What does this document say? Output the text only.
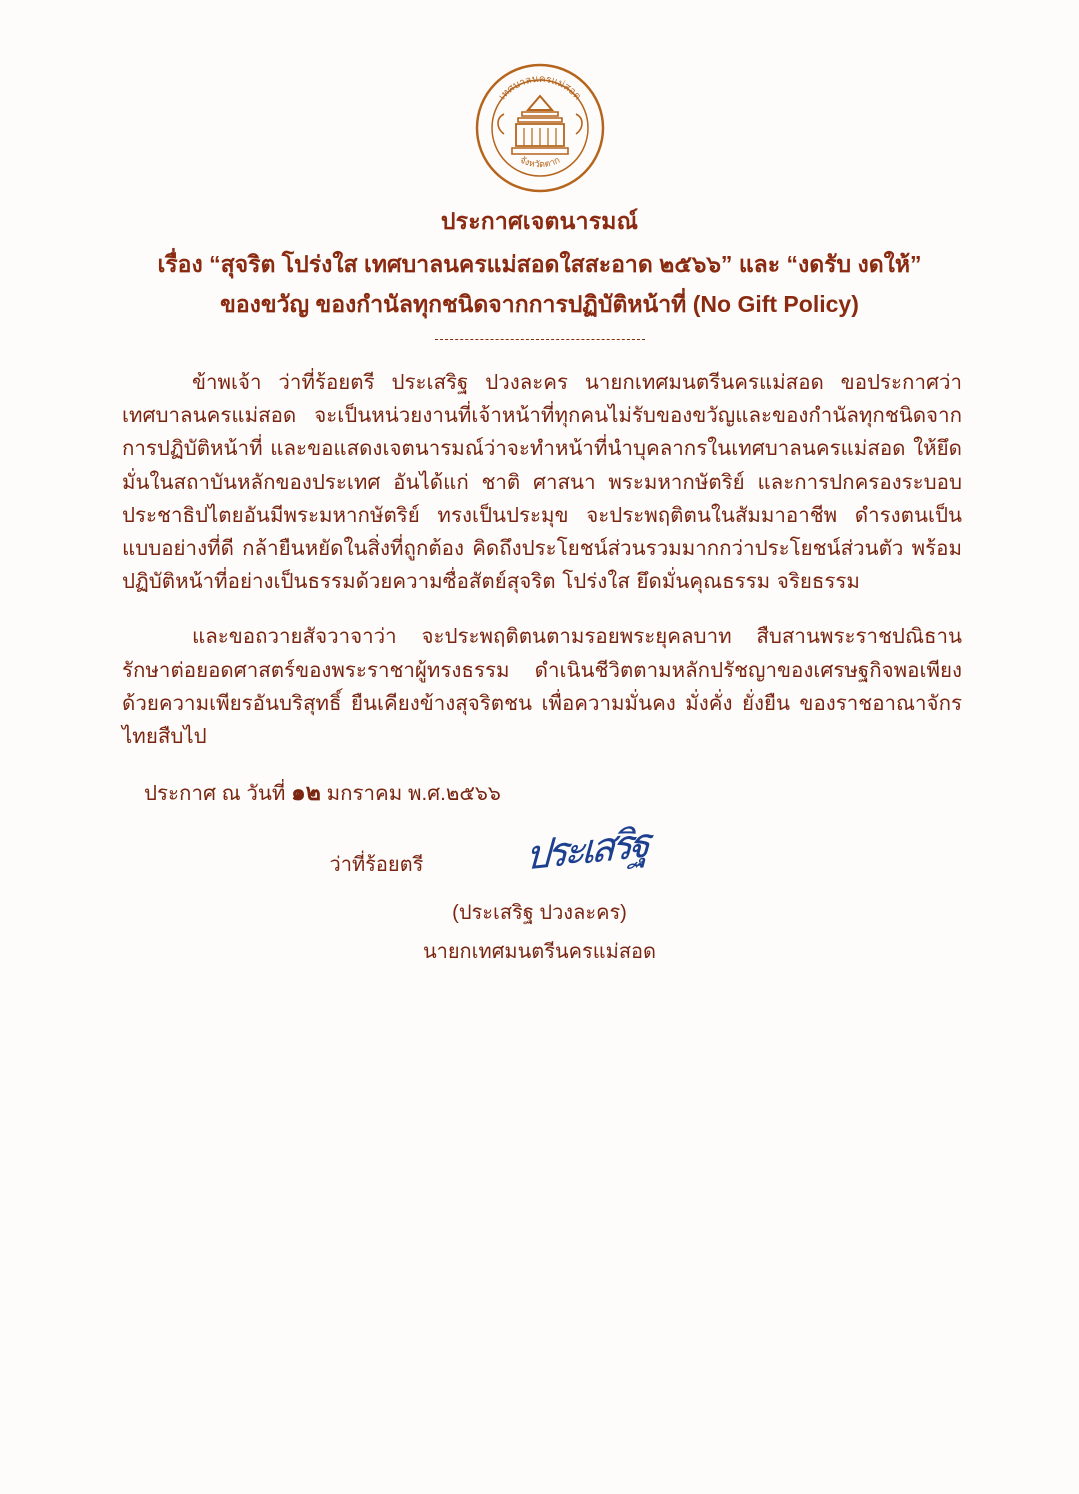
เทศบาลนครแม่สอด
จังหวัดตาก
ประกาศเจตนารมณ์
เรื่อง “สุจริต โปร่งใส เทศบาลนครแม่สอดใสสะอาด ๒๕๖๖” และ “งดรับ งดให้”
ของขวัญ ของกำนัลทุกชนิดจากการปฏิบัติหน้าที่ (No Gift Policy)

ข้าพเจ้า ว่าที่ร้อยตรี ประเสริฐ ปวงละคร นายกเทศมนตรีนครแม่สอด ขอประกาศว่า เทศบาลนครแม่สอด จะเป็นหน่วยงานที่เจ้าหน้าที่ทุกคนไม่รับของขวัญและของกำนัลทุกชนิดจากการปฏิบัติหน้าที่ และขอแสดงเจตนารมณ์ว่าจะทำหน้าที่นำบุคลากรในเทศบาลนครแม่สอด ให้ยึดมั่นในสถาบันหลักของประเทศ อันได้แก่ ชาติ ศาสนา พระมหากษัตริย์ และการปกครองระบอบประชาธิปไตยอันมีพระมหากษัตริย์ ทรงเป็นประมุข จะประพฤติตนในสัมมาอาชีพ ดำรงตนเป็นแบบอย่างที่ดี กล้ายืนหยัดในสิ่งที่ถูกต้อง คิดถึงประโยชน์ส่วนรวมมากกว่าประโยชน์ส่วนตัว พร้อมปฏิบัติหน้าที่อย่างเป็นธรรมด้วยความซื่อสัตย์สุจริต โปร่งใส ยึดมั่นคุณธรรม จริยธรรม

และขอถวายสัจวาจาว่า จะประพฤติตนตามรอยพระยุคลบาท สืบสานพระราชปณิธาน รักษาต่อยอดศาสตร์ของพระราชาผู้ทรงธรรม ดำเนินชีวิตตามหลักปรัชญาของเศรษฐกิจพอเพียง ด้วยความเพียรอันบริสุทธิ์ ยืนเคียงข้างสุจริตชน เพื่อความมั่นคง มั่งคั่ง ยั่งยืน ของราชอาณาจักรไทยสืบไป

ประกาศ ณ วันที่ ๑๒ มกราคม พ.ศ.๒๕๖๖
ว่าที่ร้อยตรี	ประเสริฐ
(ประเสริฐ ปวงละคร)
นายกเทศมนตรีนครแม่สอด
